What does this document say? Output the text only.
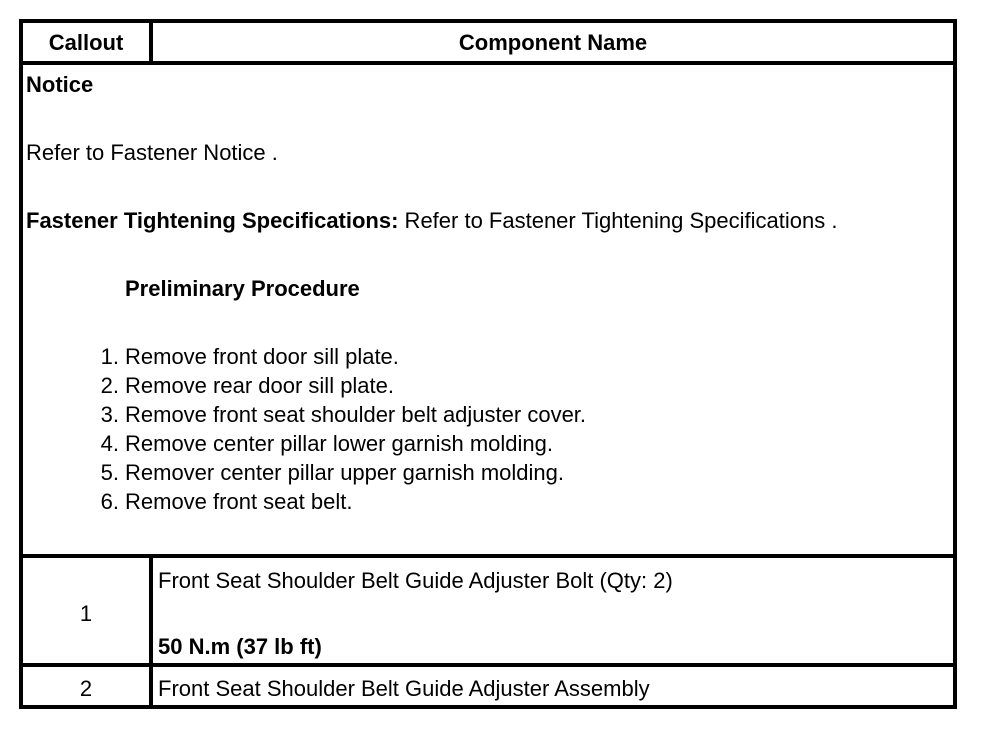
Callout	Component Name
Notice
Refer to Fastener Notice .
Fastener Tightening Specifications: Refer to Fastener Tightening Specifications .
Preliminary Procedure
1. Remove front door sill plate.
2. Remove rear door sill plate.
3. Remove front seat shoulder belt adjuster cover.
4. Remove center pillar lower garnish molding.
5. Remover center pillar upper garnish molding.
6. Remove front seat belt.
1
Front Seat Shoulder Belt Guide Adjuster Bolt (Qty: 2)
50 N.m (37 lb ft)
2	Front Seat Shoulder Belt Guide Adjuster Assembly
